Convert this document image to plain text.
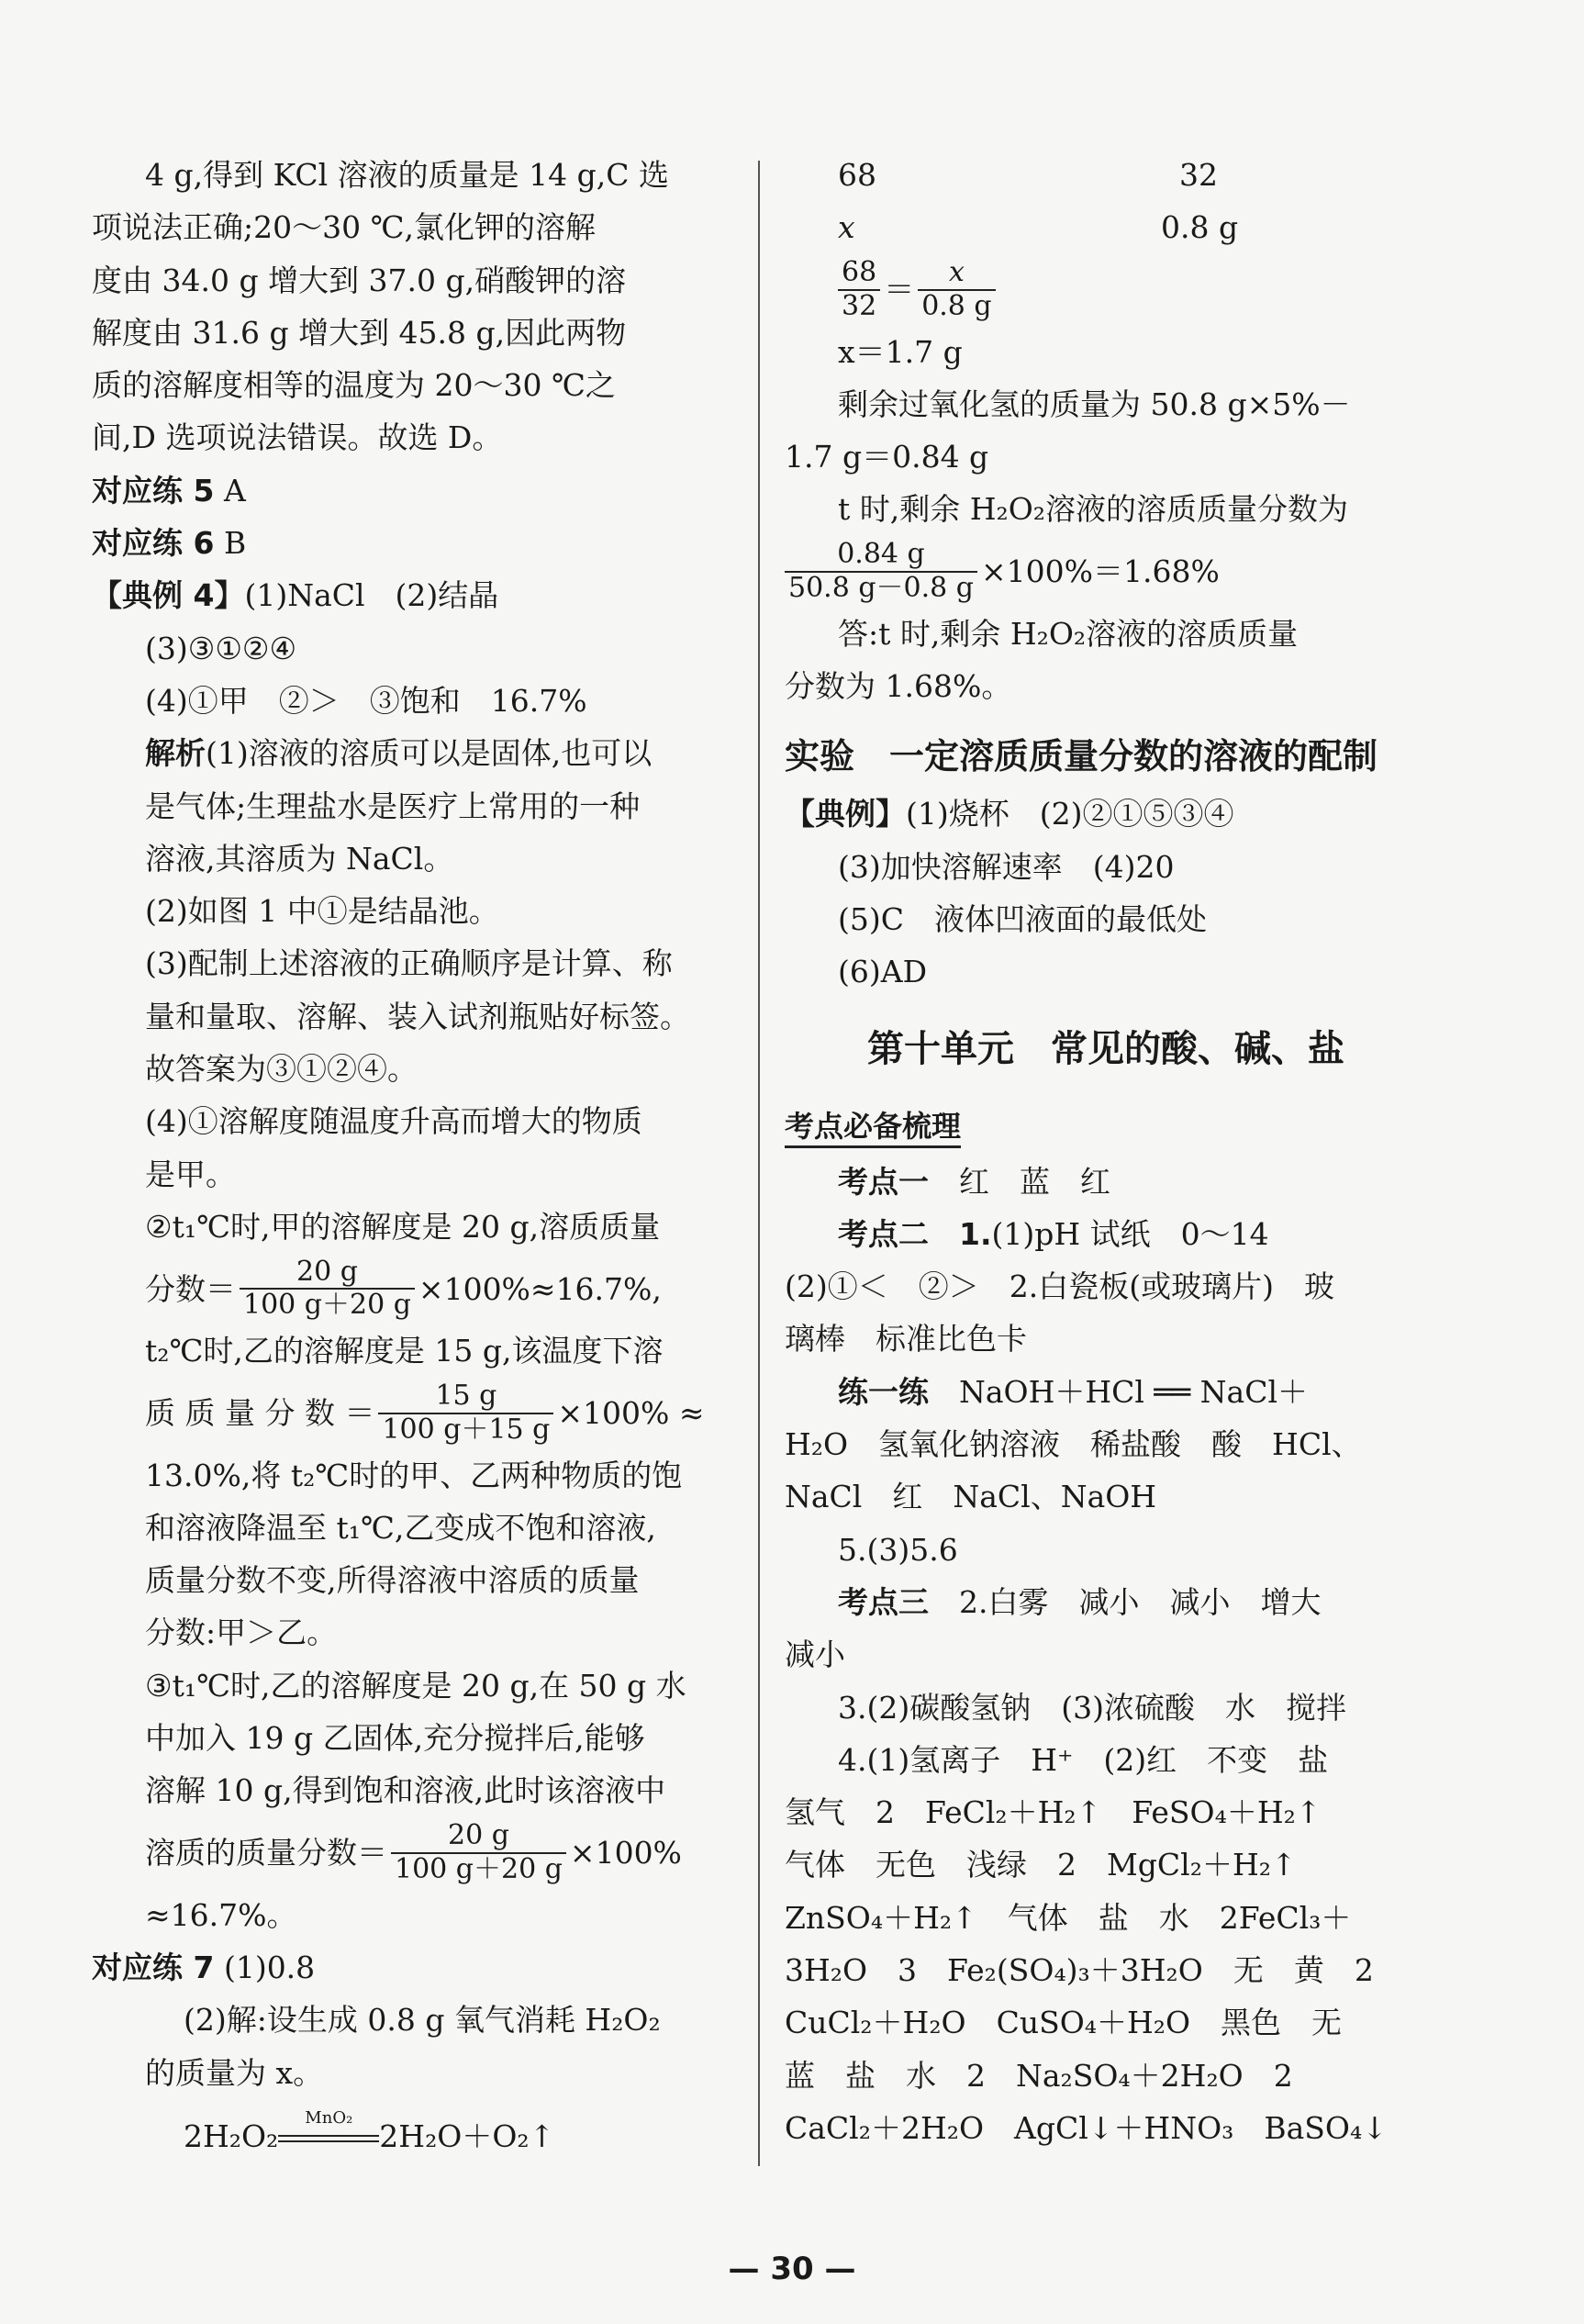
4 g,得到 KCl 溶液的质量是 14 g,C 选
项说法正确;20～30 ℃,氯化钾的溶解
度由 34.0 g 增大到 37.0 g,硝酸钾的溶
解度由 31.6 g 增大到 45.8 g,因此两物
质的溶解度相等的温度为 20～30 ℃之
间,D 选项说法错误。故选 D。
对应练 5 A
对应练 6 B
【典例 4】(1)NaCl　(2)结晶
(3)③①②④
(4)①甲　②＞　③饱和　16.7%
解析(1)溶液的溶质可以是固体,也可以
是气体;生理盐水是医疗上常用的一种
溶液,其溶质为 NaCl。
(2)如图 1 中①是结晶池。
(3)配制上述溶液的正确顺序是计算、称
量和量取、溶解、装入试剂瓶贴好标签。
故答案为③①②④。
(4)①溶解度随温度升高而增大的物质
是甲。
②t₁℃时,甲的溶解度是 20 g,溶质质量
分数＝ $\frac{20 g}{100 g+20 g} \times 100\%\approx 16.7\%$,
t₂℃时,乙的溶解度是 15 g,该温度下溶
质 质 量 分 数 ＝ $\frac{15 g}{100 g+15 g} \times 100\%$ ≈
13.0%,将 t₂℃时的甲、乙两种物质的饱
和溶液降温至 t₁℃,乙变成不饱和溶液,
质量分数不变,所得溶液中溶质的质量
分数:甲＞乙。
③t₁℃时,乙的溶解度是 20 g,在 50 g 水
中加入 19 g 乙固体,充分搅拌后,能够
溶解 10 g,得到饱和溶液,此时该溶液中
溶质的质量分数＝ $\frac{20 g}{100 g+20 g} \times 100\%$
≈16.7%。
对应练 7 (1)0.8
(2)解:设生成 0.8 g 氧气消耗 H₂O₂
的质量为 x。
2H₂O₂
MnO₂
2H₂O＋O₂↑
68	32
x	0.8 g
$\frac{68}{32} = \frac{x}{0.8 g}$
x＝1.7 g
剩余过氧化氢的质量为 50.8 g×5%－
1.7 g＝0.84 g
t 时,剩余 H₂O₂溶液的溶质质量分数为
$\frac{0.84 g}{50.8 g-0.8 g} \times 100\%=1.68\%$
答:t 时,剩余 H₂O₂溶液的溶质质量
分数为 1.68%。
实验　一定溶质质量分数的溶液的配制
【典例】(1)烧杯　(2)②①⑤③④
(3)加快溶解速率　(4)20
(5)C　液体凹液面的最低处
(6)AD
第十单元　常见的酸、碱、盐
考点必备梳理
考点一　红　蓝　红
考点二　1.(1)pH 试纸　0～14
(2)①＜　②＞　2.白瓷板(或玻璃片)　玻
璃棒　标准比色卡
练一练　NaOH＋HCl ══ NaCl＋
H₂O　氢氧化钠溶液　稀盐酸　酸　HCl、
NaCl　红　NaCl、NaOH
5.(3)5.6
考点三　2.白雾　减小　减小　增大
减小
3.(2)碳酸氢钠　(3)浓硫酸　水　搅拌
4.(1)氢离子　H⁺　(2)红　不变　盐
氢气　2　FeCl₂＋H₂↑　FeSO₄＋H₂↑
气体　无色　浅绿　2　MgCl₂＋H₂↑
ZnSO₄＋H₂↑　气体　盐　水　2FeCl₃＋
3H₂O　3　Fe₂(SO₄)₃＋3H₂O　无　黄　2
CuCl₂＋H₂O　CuSO₄＋H₂O　黑色　无
蓝　盐　水　2　Na₂SO₄＋2H₂O　2
CaCl₂＋2H₂O　AgCl↓＋HNO₃　BaSO₄↓
— 30 —
